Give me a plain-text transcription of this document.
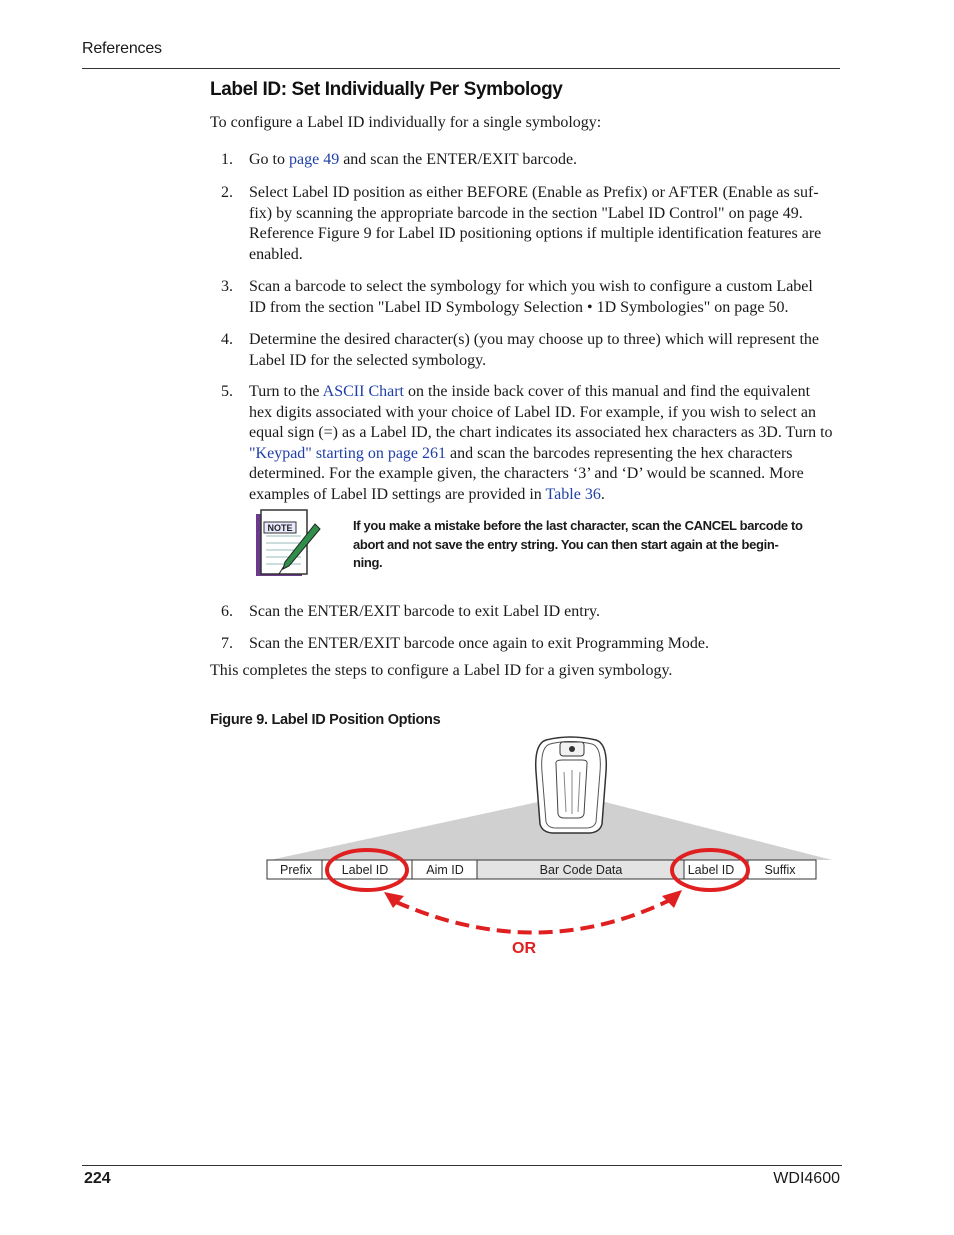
References
Label ID: Set Individually Per Symbology
To configure a Label ID individually for a single symbology:
1. Go to page 49 and scan the ENTER/EXIT barcode.
2. Select Label ID position as either BEFORE (Enable as Prefix) or AFTER (Enable as suf-
fix) by scanning the appropriate barcode in the section "Label ID Control" on page 49.
Reference Figure 9 for Label ID positioning options if multiple identification features are
enabled.
3. Scan a barcode to select the symbology for which you wish to configure a custom Label
ID from the section "Label ID Symbology Selection • 1D Symbologies" on page 50.
4. Determine the desired character(s) (you may choose up to three) which will represent the
Label ID for the selected symbology.
5. Turn to the ASCII Chart on the inside back cover of this manual and find the equivalent
hex digits associated with your choice of Label ID. For example, if you wish to select an
equal sign (=) as a Label ID, the chart indicates its associated hex characters as 3D. Turn to
"Keypad" starting on page 261 and scan the barcodes representing the hex characters
determined. For the example given, the characters ‘3’ and ‘D’ would be scanned. More
examples of Label ID settings are provided in Table 36.
NOTE	If you make a mistake before the last character, scan the CANCEL barcode to
abort and not save the entry string. You can then start again at the begin-
ning.
6. Scan the ENTER/EXIT barcode to exit Label ID entry.
7. Scan the ENTER/EXIT barcode once again to exit Programming Mode.
This completes the steps to configure a Label ID for a given symbology.
Figure 9. Label ID Position Options
Prefix Label ID	Aim ID	Bar Code Data	Label ID Suffix
OR
224	WDI4600
